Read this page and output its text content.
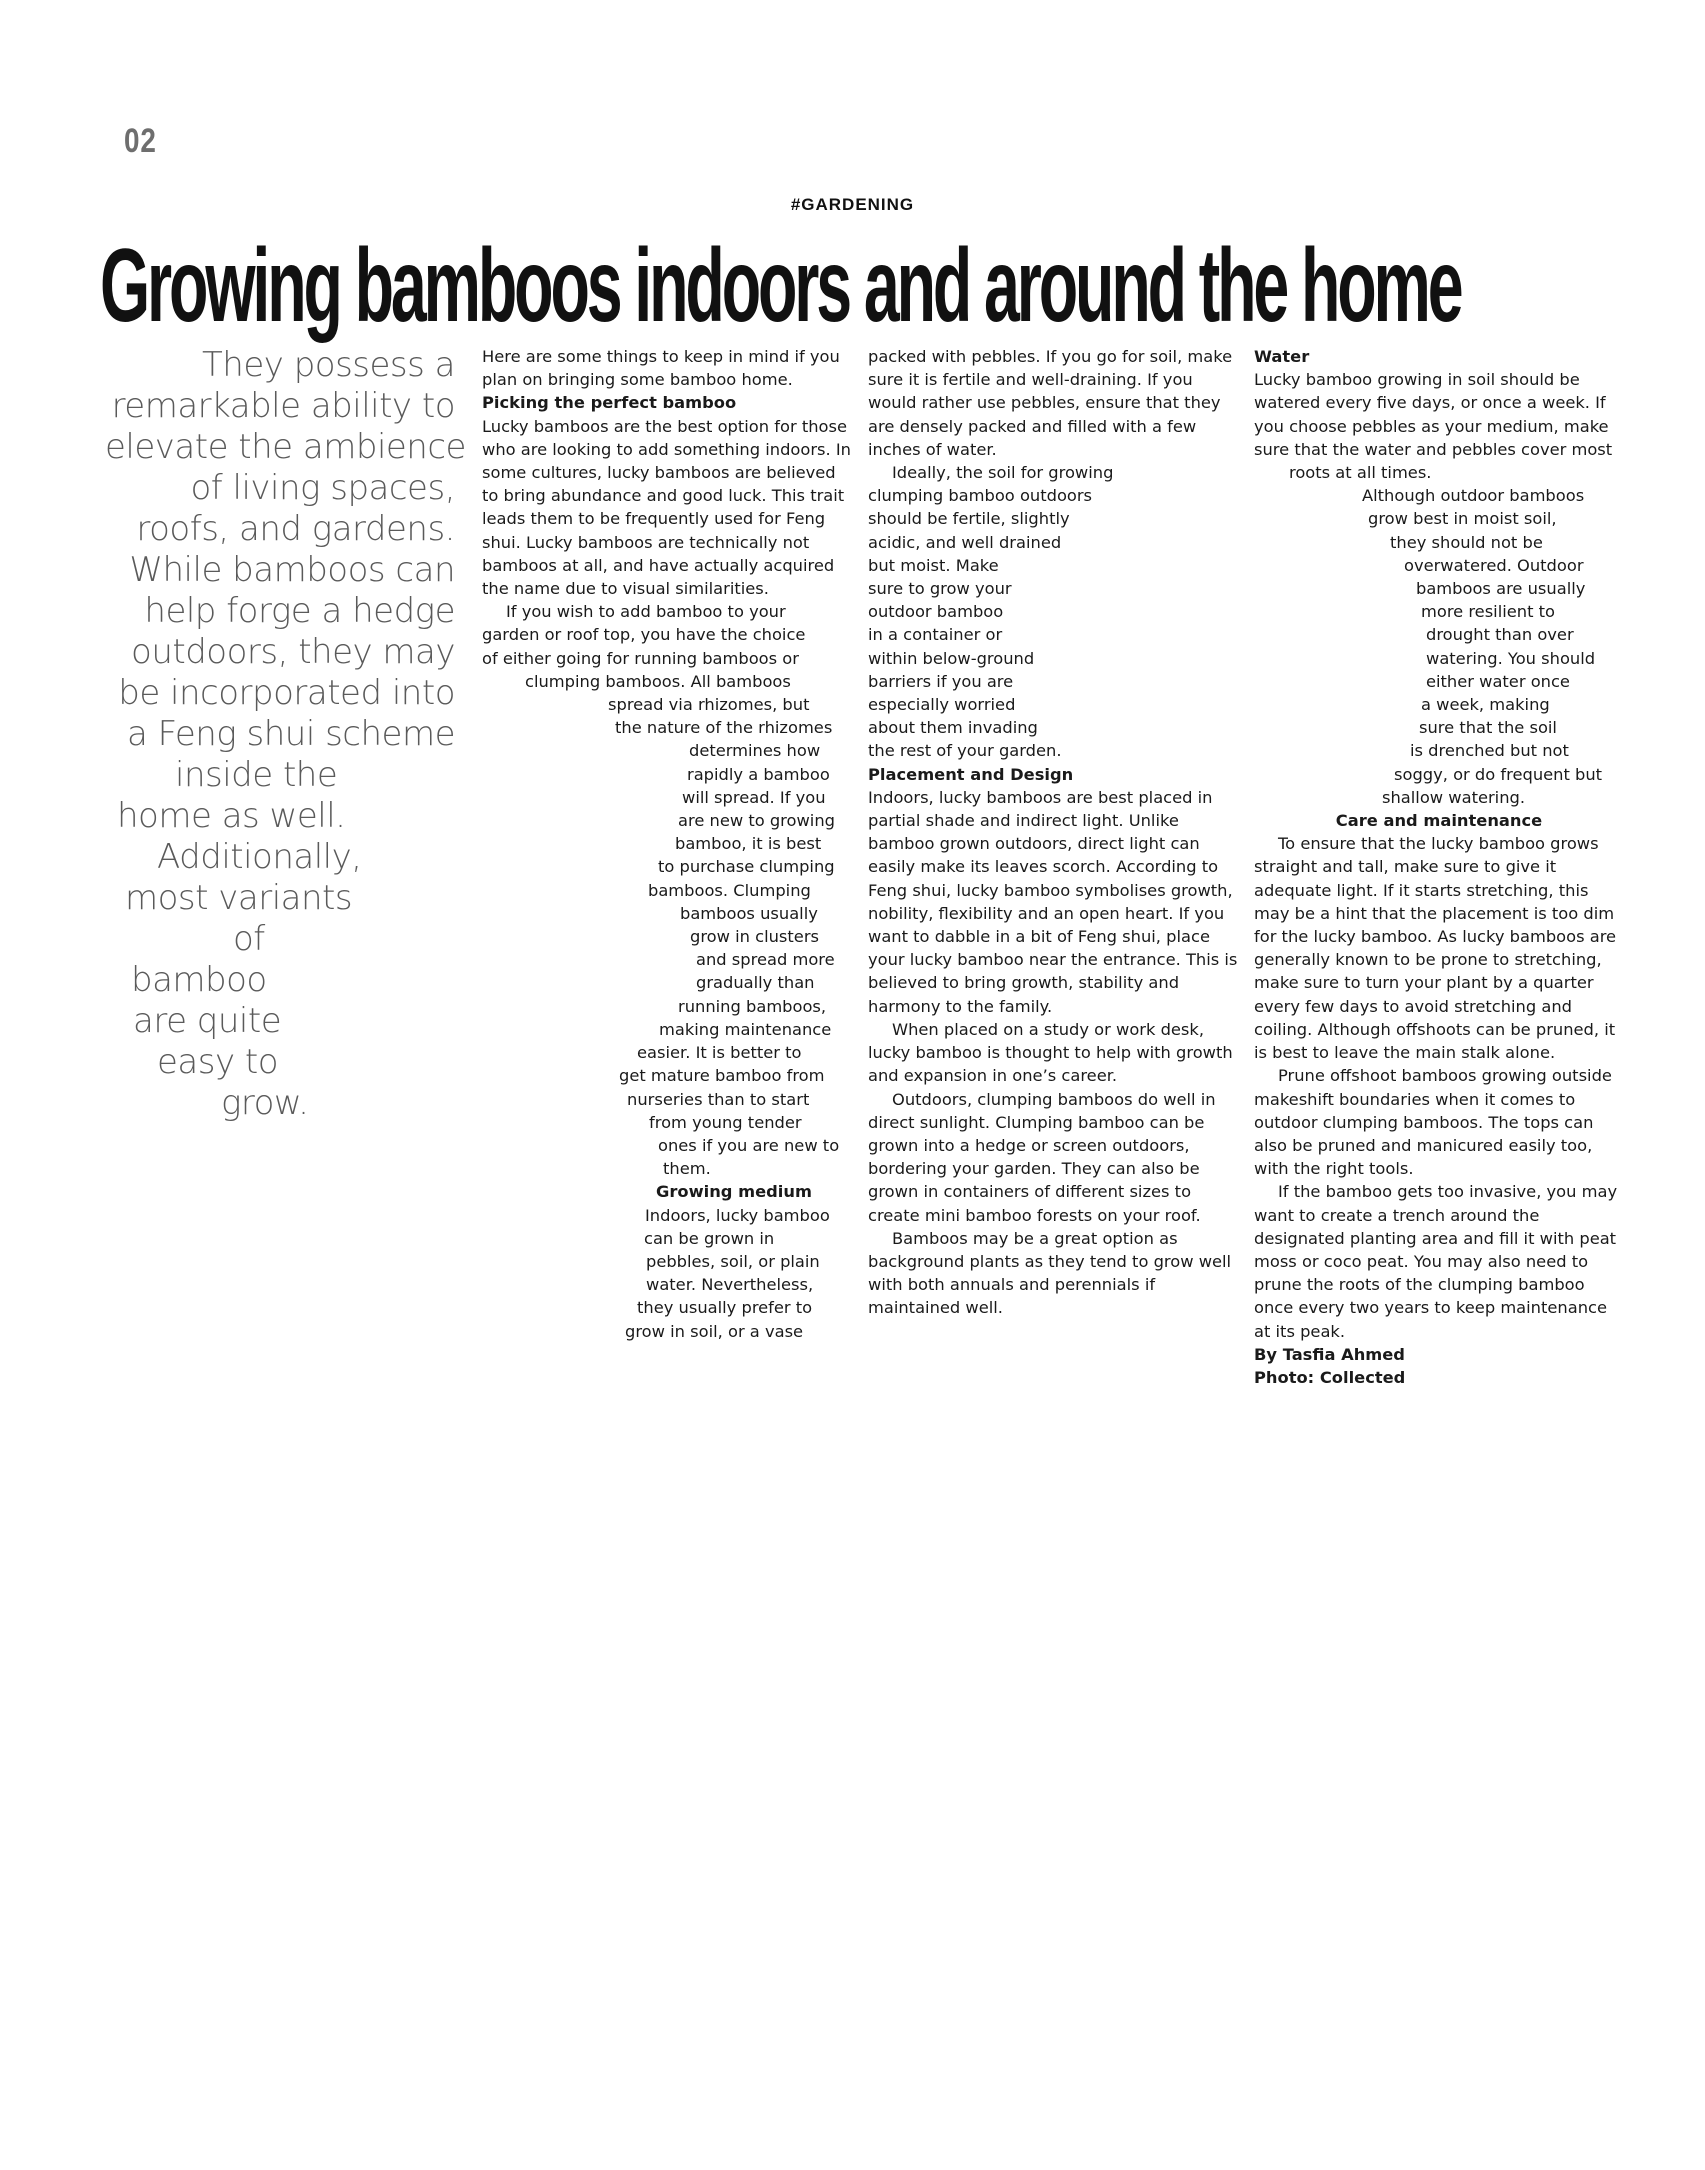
02
#GARDENING
Growing bamboos indoors and around the home
They possess a
remarkable ability to
elevate the ambience
of living spaces,
roofs, and gardens.
While bamboos can
help forge a hedge
outdoors, they may
be incorporated into
a Feng shui scheme
inside the
home as well.
Additionally,
most variants
of
bamboo
are quite
easy to
grow.

Here are some things to keep in mind if you plan on bringing some bamboo home.

Picking the perfect bamboo

Lucky bamboos are the best option for those who are looking to add something indoors. In some cultures, lucky bamboos are believed to bring abundance and good luck. This trait leads them to be frequently used for Feng shui. Lucky bamboos are technically not bamboos at all, and have actually acquired the name due to visual similarities.

If you wish to add bamboo to your
garden or roof top, you have the choice
of either going for running bamboos or
clumping bamboos. All bamboos
spread via rhizomes, but
the nature of the rhizomes
determines how
rapidly a bamboo
will spread. If you
are new to growing
bamboo, it is best
to purchase clumping
bamboos. Clumping
bamboos usually
grow in clusters
and spread more
gradually than
running bamboos,
making maintenance
easier. It is better to
get mature bamboo from
nurseries than to start
from young tender
ones if you are new to
them.

Growing medium

Indoors, lucky bamboo
can be grown in
pebbles, soil, or plain
water. Nevertheless,
they usually prefer to
grow in soil, or a vase

packed with pebbles. If you go for soil, make sure it is fertile and well-draining. If you would rather use pebbles, ensure that they are densely packed and filled with a few inches of water.

Ideally, the soil for growing
clumping bamboo outdoors
should be fertile, slightly
acidic, and well drained
but moist. Make
sure to grow your
outdoor bamboo
in a container or
within below-ground
barriers if you are
especially worried
about them invading
the rest of your garden.

Placement and Design

Indoors, lucky bamboos are best placed in partial shade and indirect light. Unlike bamboo grown outdoors, direct light can easily make its leaves scorch. According to Feng shui, lucky bamboo symbolises growth, nobility, flexibility and an open heart. If you want to dabble in a bit of Feng shui, place your lucky bamboo near the entrance. This is believed to bring growth, stability and harmony to the family.

When placed on a study or work desk, lucky bamboo is thought to help with growth and expansion in one’s career.

Outdoors, clumping bamboos do well in direct sunlight. Clumping bamboo can be grown into a hedge or screen outdoors, bordering your garden. They can also be grown in containers of different sizes to create mini bamboo forests on your roof.

Bamboos may be a great option as background plants as they tend to grow well with both annuals and perennials if maintained well.

Water

Lucky bamboo growing in soil should be watered every five days, or once a week. If you choose pebbles as your medium, make sure that the water and pebbles cover most

roots at all times.
Although outdoor bamboos
grow best in moist soil,
they should not be
overwatered. Outdoor
bamboos are usually
more resilient to
drought than over
watering. You should
either water once
a week, making
sure that the soil
is drenched but not
soggy, or do frequent but
shallow watering.

Care and maintenance

To ensure that the lucky bamboo grows straight and tall, make sure to give it adequate light. If it starts stretching, this may be a hint that the placement is too dim for the lucky bamboo. As lucky bamboos are generally known to be prone to stretching, make sure to turn your plant by a quarter every few days to avoid stretching and coiling. Although offshoots can be pruned, it is best to leave the main stalk alone.

Prune offshoot bamboos growing outside makeshift boundaries when it comes to outdoor clumping bamboos. The tops can also be pruned and manicured easily too, with the right tools.

If the bamboo gets too invasive, you may want to create a trench around the designated planting area and fill it with peat moss or coco peat. You may also need to prune the roots of the clumping bamboo once every two years to keep maintenance at its peak.

By Tasfia Ahmed

Photo: Collected
